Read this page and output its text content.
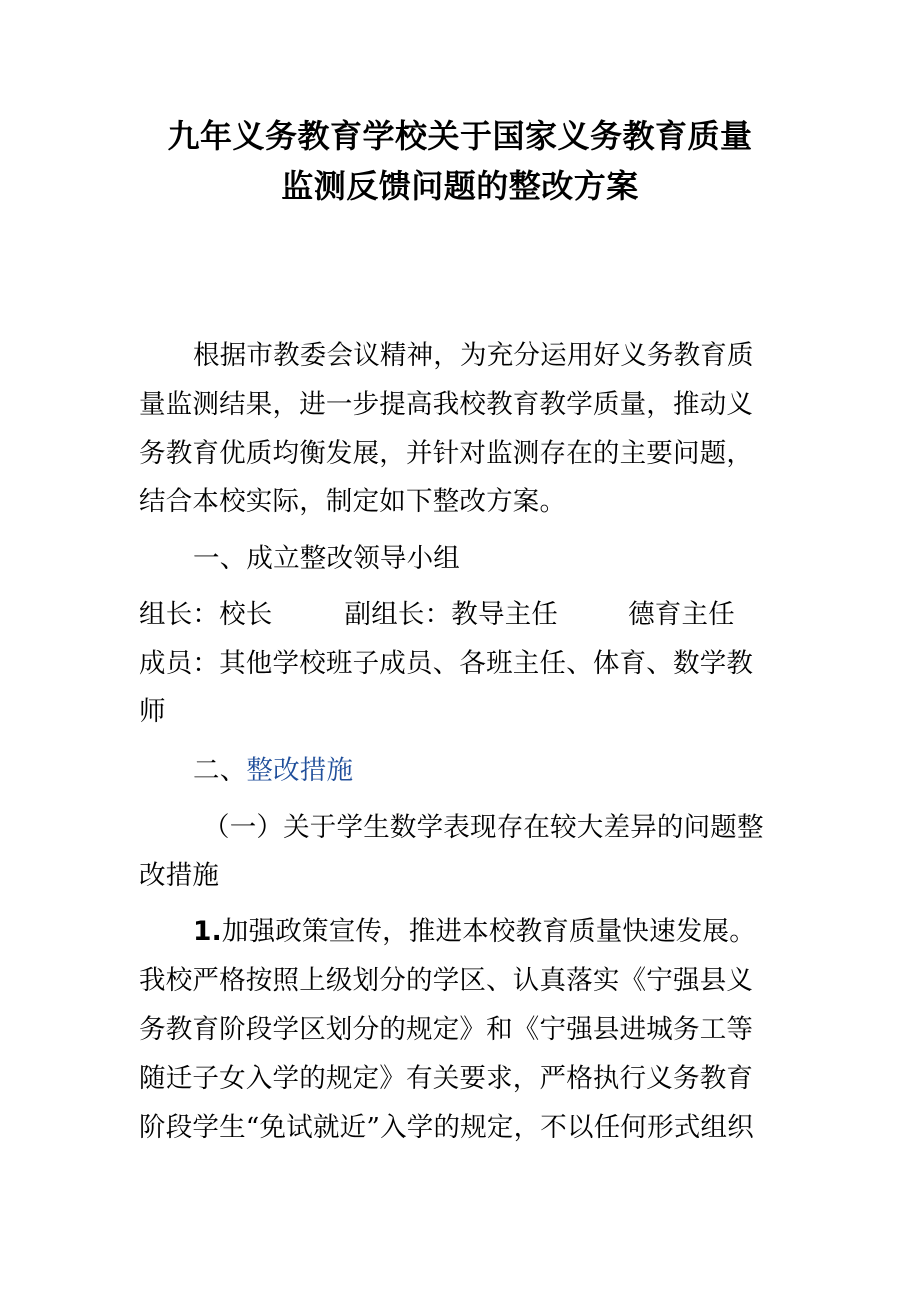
九年义务教育学校关于国家义务教育质量
监测反馈问题的整改方案
根据市教委会议精神，为充分运用好义务教育质
量监测结果，进一步提高我校教育教学质量，推动义
务教育优质均衡发展，并针对监测存在的主要问题，
结合本校实际，制定如下整改方案。
一、成立整改领导小组
组长：校长	副组长：教导主任	德育主任
成员：其他学校班子成员、各班主任、体育、数学教
师
二、整改措施
（一）关于学生数学表现存在较大差异的问题整
改措施
1.加强政策宣传，推进本校教育质量快速发展。
我校严格按照上级划分的学区、认真落实《宁强县义
务教育阶段学区划分的规定》和《宁强县进城务工等
随迁子女入学的规定》有关要求，严格执行义务教育
阶段学生“免试就近”入学的规定，不以任何形式组织
